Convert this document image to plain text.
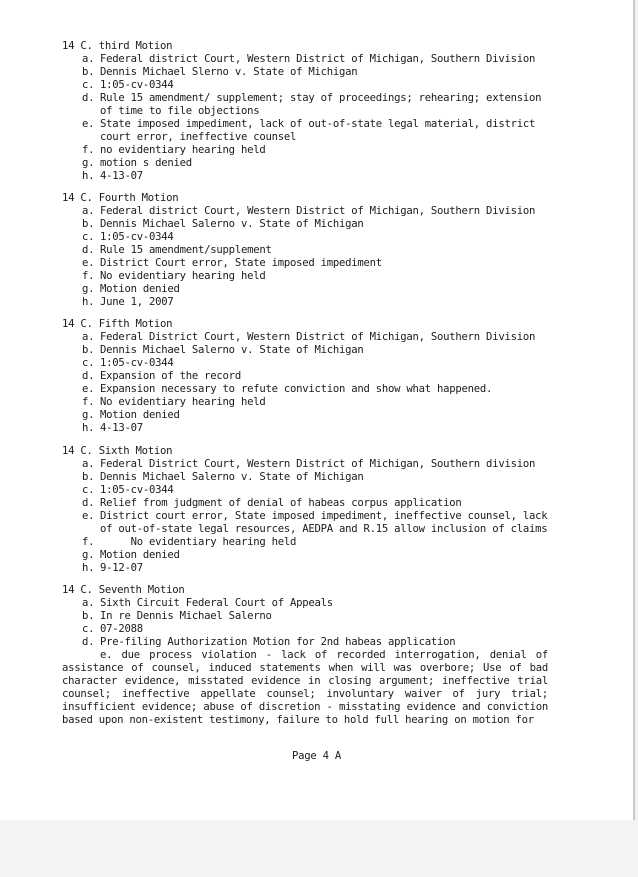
14 C. third Motion
a. Federal district Court, Western District of Michigan, Southern Division
b. Dennis Michael Slerno v. State of Michigan
c. 1:05-cv-0344
d. Rule 15 amendment/ supplement; stay of proceedings; rehearing; extension
of time to file objections
e. State imposed impediment, lack of out-of-state legal material, district
court error, ineffective counsel
f. no evidentiary hearing held
g. motion s denied
h. 4-13-07
14 C. Fourth Motion
a. Federal district Court, Western District of Michigan, Southern Division
b. Dennis Michael Salerno v. State of Michigan
c. 1:05-cv-0344
d. Rule 15 amendment/supplement
e. District Court error, State imposed impediment
f. No evidentiary hearing held
g. Motion denied
h. June 1, 2007
14 C. Fifth Motion
a. Federal District Court, Western District of Michigan, Southern Division
b. Dennis Michael Salerno v. State of Michigan
c. 1:05-cv-0344
d. Expansion of the record
e. Expansion necessary to refute conviction and show what happened.
f. No evidentiary hearing held
g. Motion denied
h. 4-13-07
14 C. Sixth Motion
a. Federal District Court, Western District of Michigan, Southern division
b. Dennis Michael Salerno v. State of Michigan
c. 1:05-cv-0344
d. Relief from judgment of denial of habeas corpus application
e. District court error, State imposed impediment, ineffective counsel, lack
of out-of-state legal resources, AEDPA and R.15 allow inclusion of claims
f.     No evidentiary hearing held
g. Motion denied
h. 9-12-07
14 C. Seventh Motion
a. Sixth Circuit Federal Court of Appeals
b. In re Dennis Michael Salerno
c. 07-2088
d. Pre-filing Authorization Motion for 2nd habeas application
e. due process violation - lack of recorded interrogation, denial of assistance of counsel, induced statements when will was overbore; Use of bad character evidence, misstated evidence in closing argument; ineffective trial counsel; ineffective appellate counsel; involuntary waiver of jury trial; insufficient evidence; abuse of discretion - misstating evidence and conviction based upon non-existent testimony, failure to hold full hearing on motion for
Page 4 A
